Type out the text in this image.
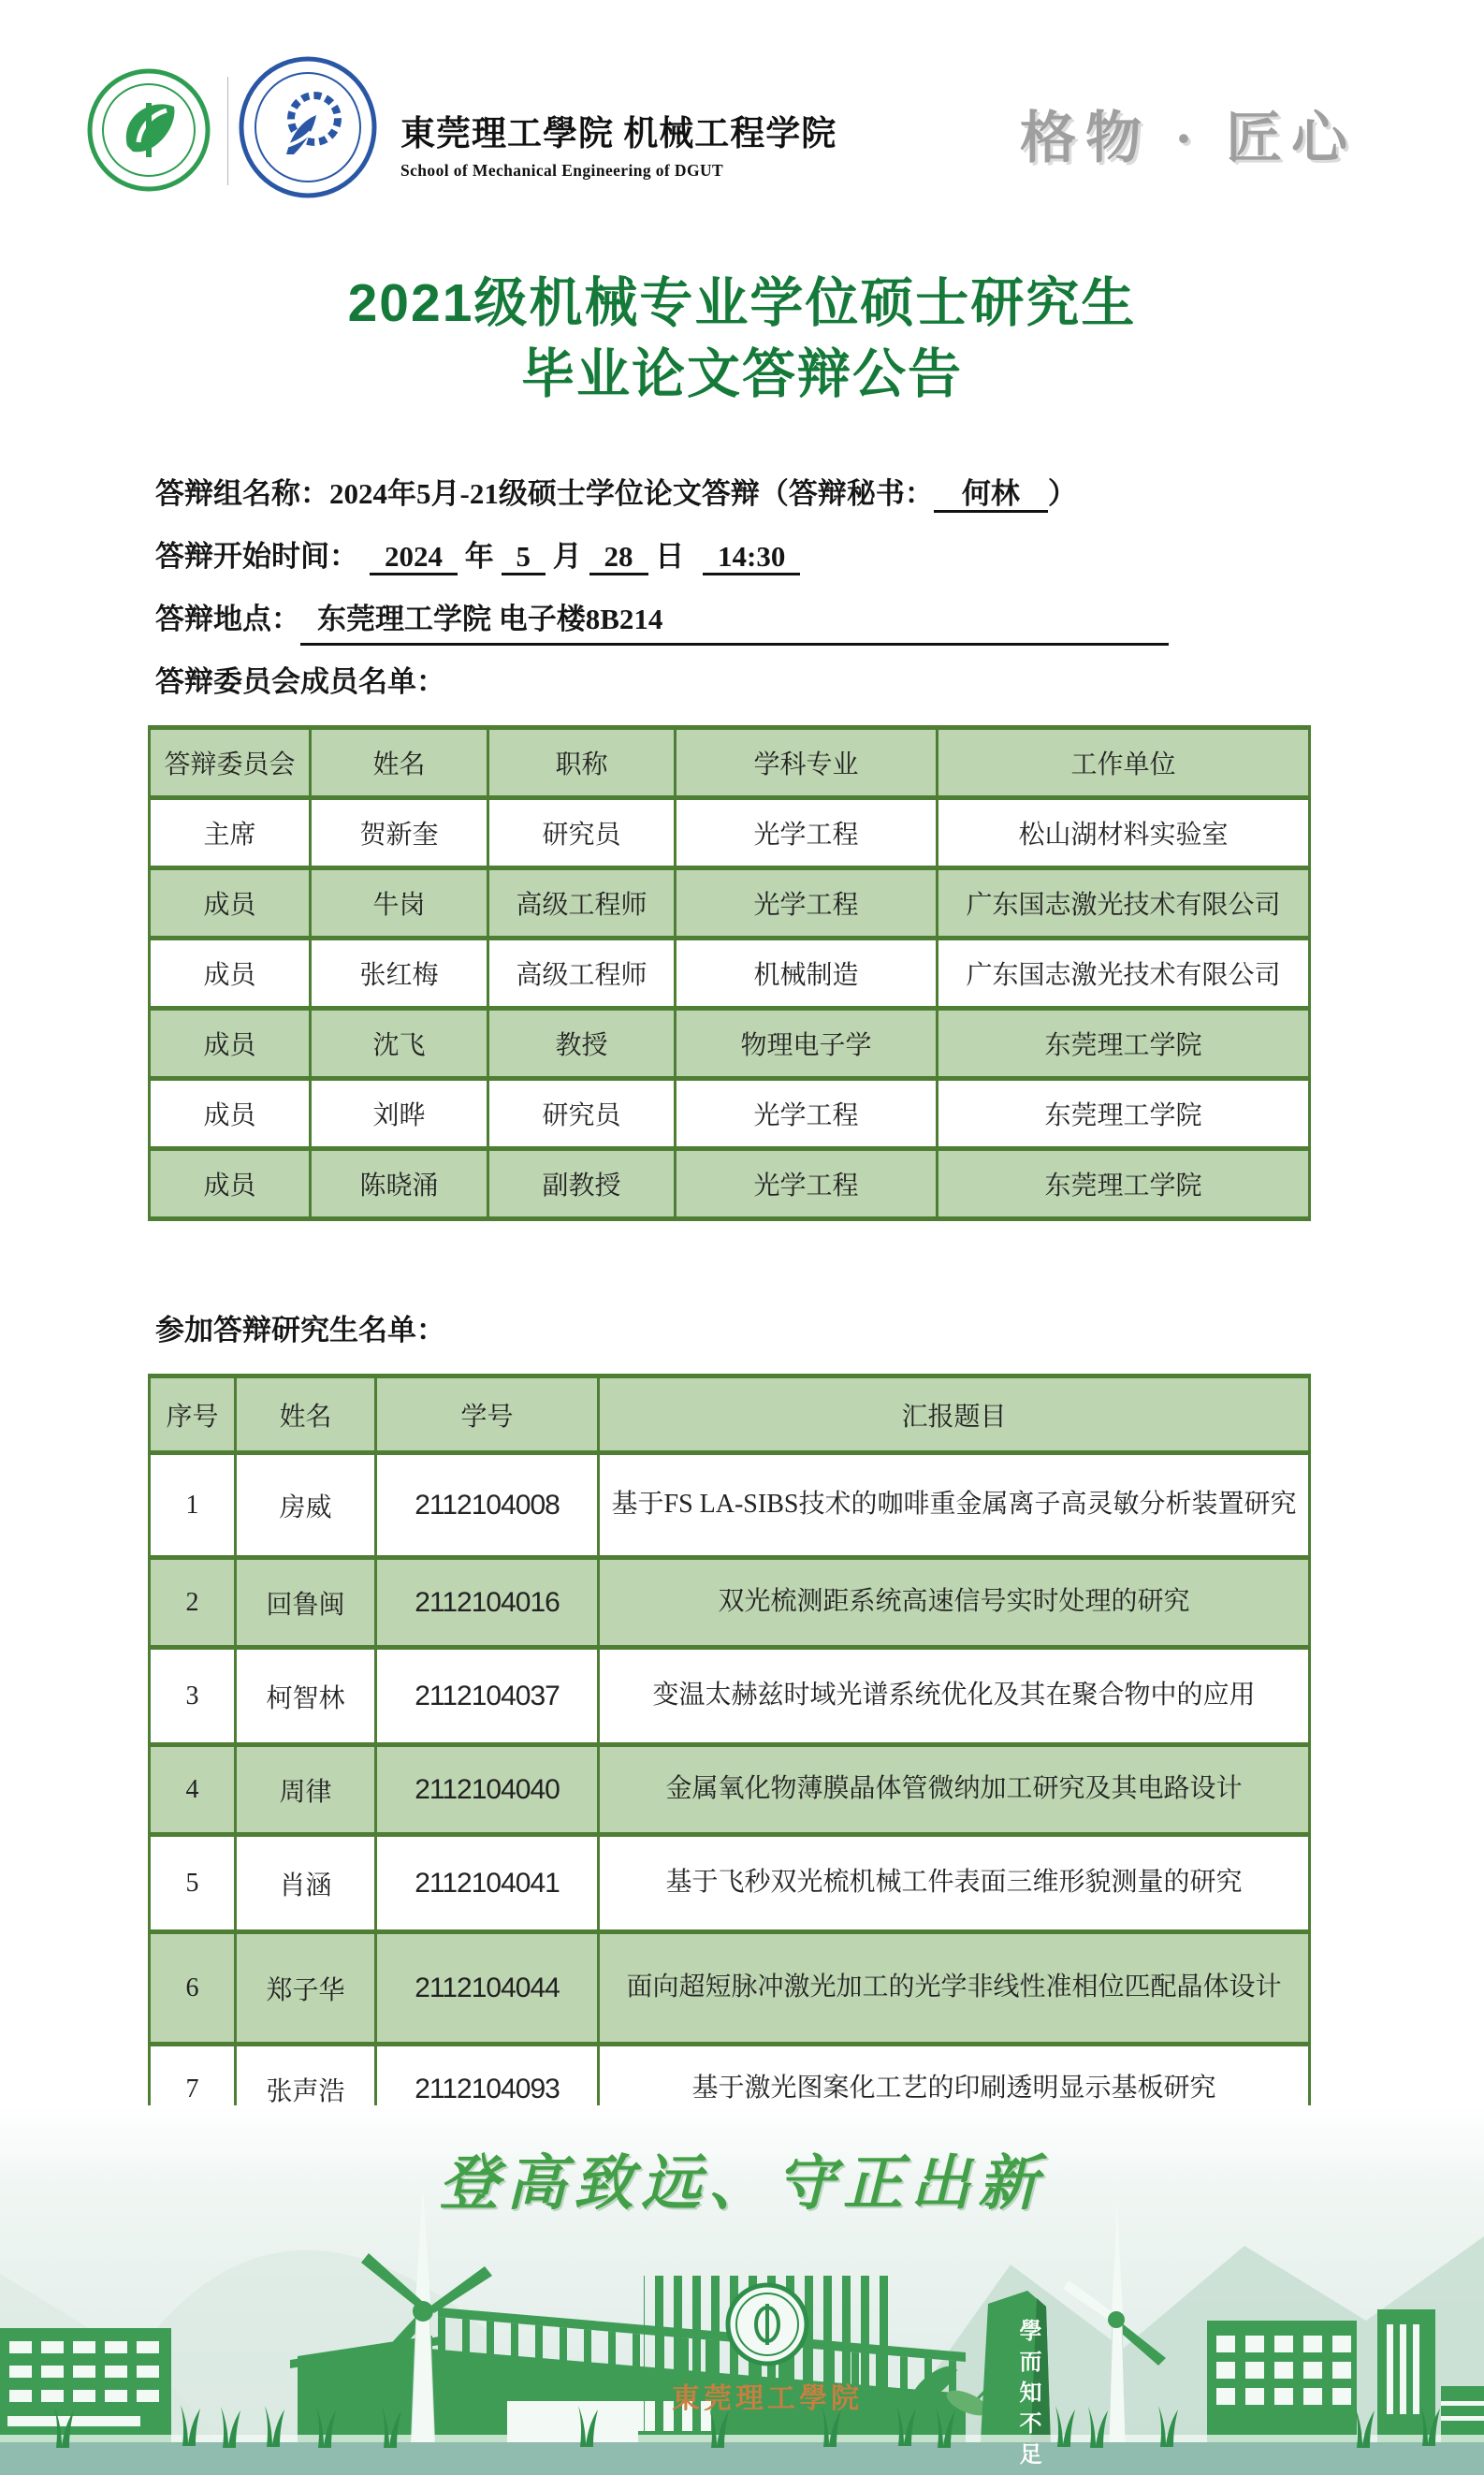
東莞理工學院 机械工程学院
School of Mechanical Engineering of DGUT
格物 · 匠心
2021级机械专业学位硕士研究生
毕业论文答辩公告
答辩组名称：2024年5月-21级硕士学位论文答辩（答辩秘书： 何林 ）
答辩开始时间： 2024 年 5 月 28 日 14:30
答辩地点： 东莞理工学院 电子楼8B214
答辩委员会成员名单：
答辩委员会	姓名	职称	学科专业	工作单位
主席	贺新奎	研究员	光学工程	松山湖材料实验室
成员	牛岗	高级工程师	光学工程	广东国志激光技术有限公司
成员	张红梅	高级工程师	机械制造	广东国志激光技术有限公司
成员	沈飞	教授	物理电子学	东莞理工学院
成员	刘晔	研究员	光学工程	东莞理工学院
成员	陈晓涌	副教授	光学工程	东莞理工学院
参加答辩研究生名单：
序号	姓名	学号	汇报题目
1	房威	2112104008	基于FS LA-SIBS技术的咖啡重金属离子高灵敏分析装置研究
2	回鲁闽	2112104016	双光梳测距系统高速信号实时处理的研究
3	柯智林	2112104037	变温太赫兹时域光谱系统优化及其在聚合物中的应用
4	周律	2112104040	金属氧化物薄膜晶体管微纳加工研究及其电路设计
5	肖涵	2112104041	基于飞秒双光梳机械工件表面三维形貌测量的研究
6	郑子华	2112104044	面向超短脉冲激光加工的光学非线性准相位匹配晶体设计
7	张声浩	2112104093	基于激光图案化工艺的印刷透明显示基板研究
登高致远、守正出新
東莞理工學院	學而知不足
